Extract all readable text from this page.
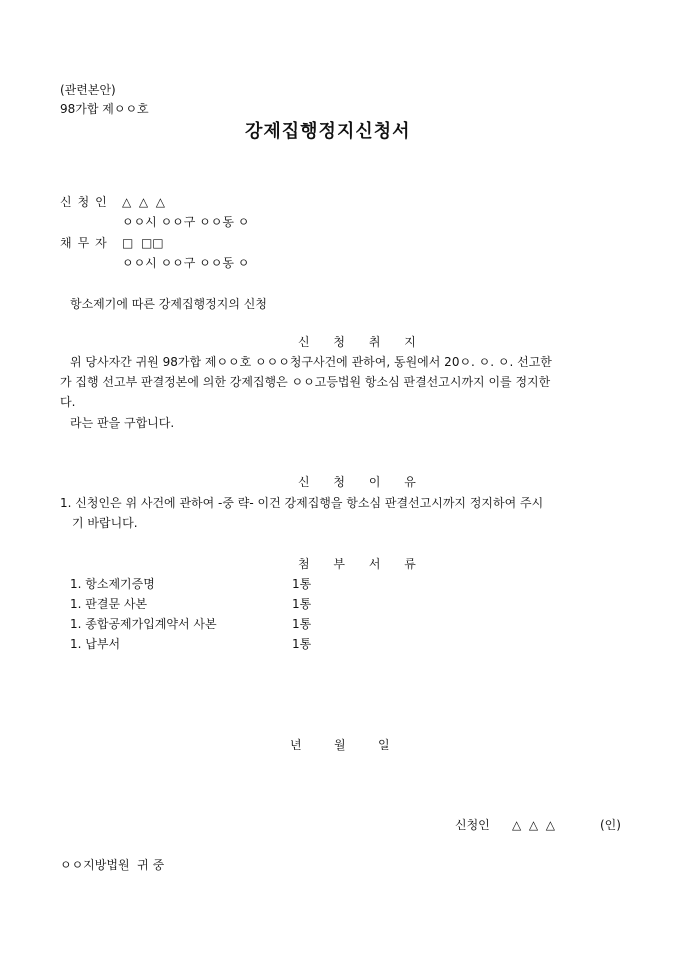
(관련본안)
98가합 제ㅇㅇ호
강제집행정지신청서
신청인 △  △  △
ㅇㅇ시 ㅇㅇ구 ㅇㅇ동 ㅇ
채무자 □  □□
ㅇㅇ시 ㅇㅇ구 ㅇㅇ동 ㅇ
항소제기에 따른 강제집행정지의 신청
신 청 취 지
위 당사자간 귀원 98가합 제ㅇㅇ호 ㅇㅇㅇ청구사건에 관하여, 동원에서 20ㅇ. ㅇ. ㅇ. 선고한
가 집행 선고부 판결정본에 의한 강제집행은 ㅇㅇ고등법원 항소심 판결선고시까지 이를 정지한
다.
라는 판을 구합니다.
신 청 이 유
1. 신청인은 위 사건에 관하여 -중 략- 이건 강제집행을 항소심 판결선고시까지 정지하여 주시
기 바랍니다.
첨 부 서 류
1. 항소제기증명	1통
1. 판결문 사본	1통
1. 종합공제가입계약서 사본	1통
1. 납부서	1통
년	월	일
신청인 △  △  △	(인)
ㅇㅇ지방법원  귀 중
